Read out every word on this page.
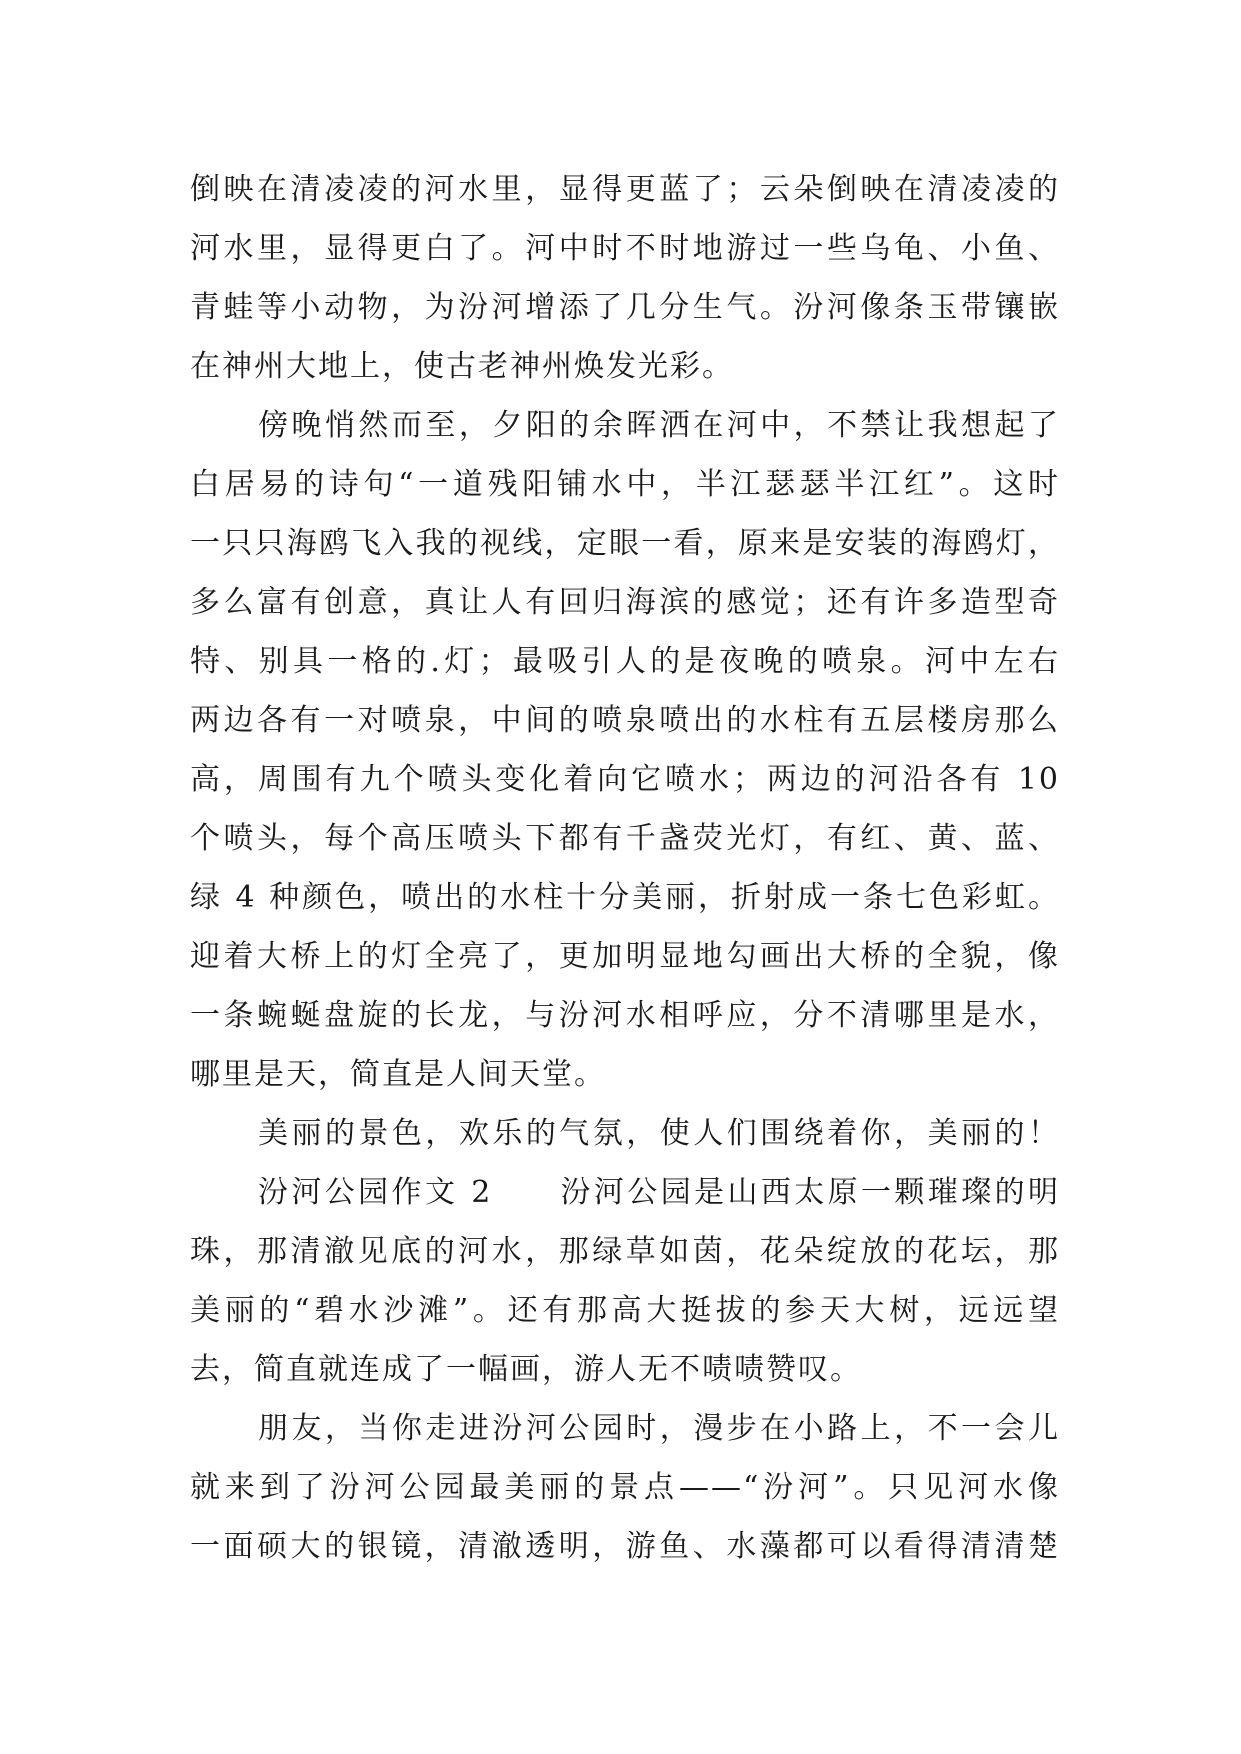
倒映在清凌凌的河水里，显得更蓝了；云朵倒映在清凌凌的
河水里，显得更白了。河中时不时地游过一些乌龟、小鱼、
青蛙等小动物，为汾河增添了几分生气。汾河像条玉带镶嵌
在神州大地上，使古老神州焕发光彩。
傍晚悄然而至，夕阳的余晖洒在河中，不禁让我想起了
白居易的诗句“一道残阳铺水中，半江瑟瑟半江红”。这时
一只只海鸥飞入我的视线，定眼一看，原来是安装的海鸥灯，
多么富有创意，真让人有回归海滨的感觉；还有许多造型奇
特、别具一格的.灯；最吸引人的是夜晚的喷泉。河中左右
两边各有一对喷泉，中间的喷泉喷出的水柱有五层楼房那么
高，周围有九个喷头变化着向它喷水；两边的河沿各有 10
个喷头，每个高压喷头下都有千盏荧光灯，有红、黄、蓝、
绿 4 种颜色，喷出的水柱十分美丽，折射成一条七色彩虹。
迎着大桥上的灯全亮了，更加明显地勾画出大桥的全貌，像
一条蜿蜒盘旋的长龙，与汾河水相呼应，分不清哪里是水，
哪里是天，简直是人间天堂。
美丽的景色，欢乐的气氛，使人们围绕着你，美丽的！
汾河公园作文 2　　汾河公园是山西太原一颗璀璨的明
珠，那清澈见底的河水，那绿草如茵，花朵绽放的花坛，那
美丽的“碧水沙滩”。还有那高大挺拔的参天大树，远远望
去，简直就连成了一幅画，游人无不啧啧赞叹。
朋友，当你走进汾河公园时，漫步在小路上，不一会儿
就来到了汾河公园最美丽的景点——“汾河”。只见河水像
一面硕大的银镜，清澈透明，游鱼、水藻都可以看得清清楚
